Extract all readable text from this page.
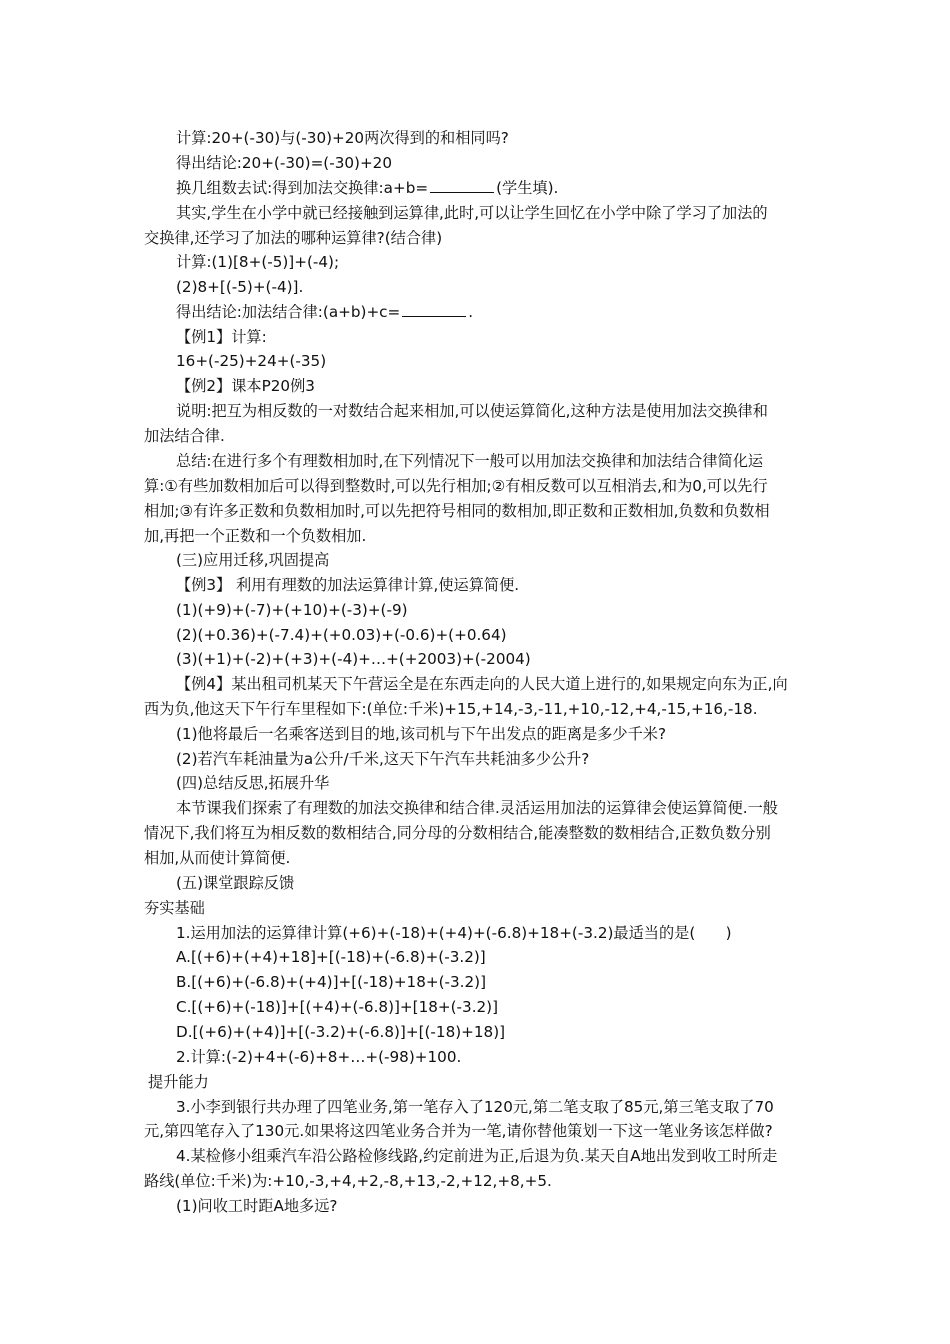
计算:20+(-30)与(-30)+20两次得到的和相同吗?
得出结论:20+(-30)=(-30)+20
换几组数去试:得到加法交换律:a+b=	(学生填).
其实,学生在小学中就已经接触到运算律,此时,可以让学生回忆在小学中除了学习了加法的
交换律,还学习了加法的哪种运算律?(结合律)
计算:(1)[8+(-5)]+(-4);
(2)8+[(-5)+(-4)].
得出结论:加法结合律:(a+b)+c=	.
【例1】计算:
16+(-25)+24+(-35)
【例2】课本P20例3
说明:把互为相反数的一对数结合起来相加,可以使运算简化,这种方法是使用加法交换律和
加法结合律.
总结:在进行多个有理数相加时,在下列情况下一般可以用加法交换律和加法结合律简化运
算:①有些加数相加后可以得到整数时,可以先行相加;②有相反数可以互相消去,和为0,可以先行
相加;③有许多正数和负数相加时,可以先把符号相同的数相加,即正数和正数相加,负数和负数相
加,再把一个正数和一个负数相加.
(三)应用迁移,巩固提高
【例3】 利用有理数的加法运算律计算,使运算简便.
(1)(+9)+(-7)+(+10)+(-3)+(-9)
(2)(+0.36)+(-7.4)+(+0.03)+(-0.6)+(+0.64)
(3)(+1)+(-2)+(+3)+(-4)+…+(+2003)+(-2004)
【例4】某出租司机某天下午营运全是在东西走向的人民大道上进行的,如果规定向东为正,向
西为负,他这天下午行车里程如下:(单位:千米)+15,+14,-3,-11,+10,-12,+4,-15,+16,-18.
(1)他将最后一名乘客送到目的地,该司机与下午出发点的距离是多少千米?
(2)若汽车耗油量为a公升/千米,这天下午汽车共耗油多少公升?
(四)总结反思,拓展升华
本节课我们探索了有理数的加法交换律和结合律.灵活运用加法的运算律会使运算简便.一般
情况下,我们将互为相反数的数相结合,同分母的分数相结合,能凑整数的数相结合,正数负数分别
相加,从而使计算简便.
(五)课堂跟踪反馈
夯实基础
1.运用加法的运算律计算(+6)+(-18)+(+4)+(-6.8)+18+(-3.2)最适当的是(　　)
A.[(+6)+(+4)+18]+[(-18)+(-6.8)+(-3.2)]
B.[(+6)+(-6.8)+(+4)]+[(-18)+18+(-3.2)]
C.[(+6)+(-18)]+[(+4)+(-6.8)]+[18+(-3.2)]
D.[(+6)+(+4)]+[(-3.2)+(-6.8)]+[(-18)+18)]
2.计算:(-2)+4+(-6)+8+…+(-98)+100.
提升能力
3.小李到银行共办理了四笔业务,第一笔存入了120元,第二笔支取了85元,第三笔支取了70
元,第四笔存入了130元.如果将这四笔业务合并为一笔,请你替他策划一下这一笔业务该怎样做?
4.某检修小组乘汽车沿公路检修线路,约定前进为正,后退为负.某天自A地出发到收工时所走
路线(单位:千米)为:+10,-3,+4,+2,-8,+13,-2,+12,+8,+5.
(1)问收工时距A地多远?
